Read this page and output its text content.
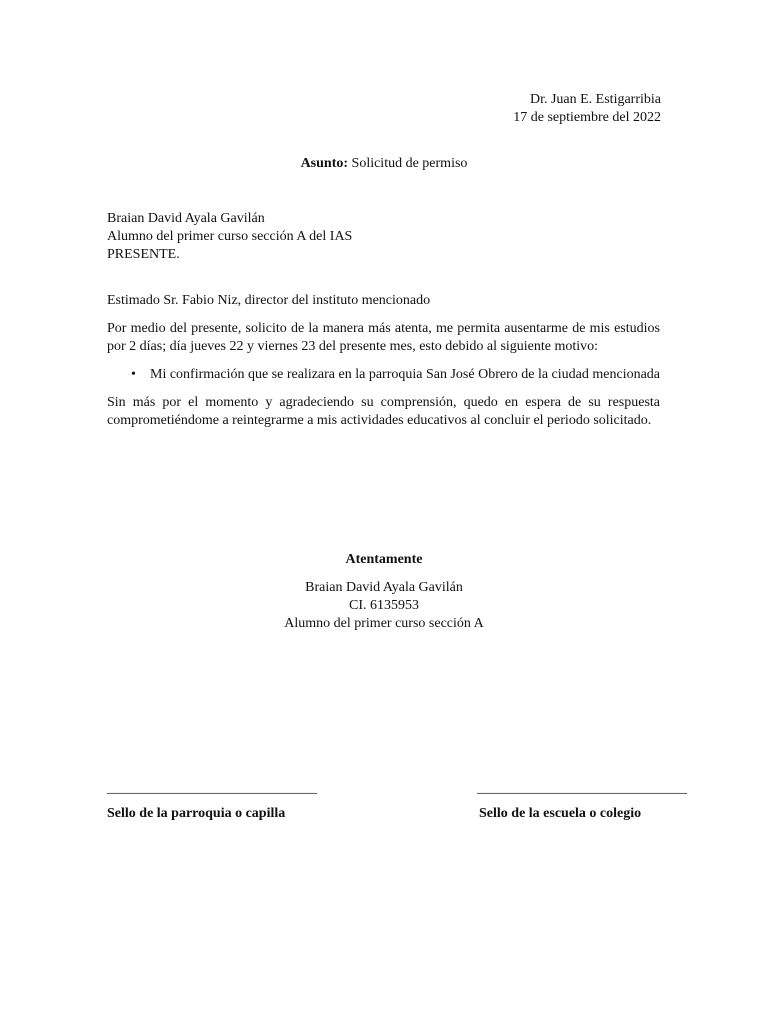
Dr. Juan E. Estigarribia
17 de septiembre del 2022
Asunto: Solicitud de permiso
Braian David Ayala Gavilán
Alumno del primer curso sección A del IAS
PRESENTE.
Estimado Sr. Fabio Niz, director del instituto mencionado
Por medio del presente, solicito de la manera más atenta, me permita ausentarme de mis estudios por 2 días; día jueves 22 y viernes 23 del presente mes, esto debido al siguiente motivo:
• Mi confirmación que se realizara en la parroquia San José Obrero de la ciudad mencionada
Sin más por el momento y agradeciendo su comprensión, quedo en espera de su respuesta comprometiéndome a reintegrarme a mis actividades educativos al concluir el periodo solicitado.
Atentamente
Braian David Ayala Gavilán
CI. 6135953
Alumno del primer curso sección A
______________________________	______________________________
Sello de la parroquia o capilla	Sello de la escuela o colegio
